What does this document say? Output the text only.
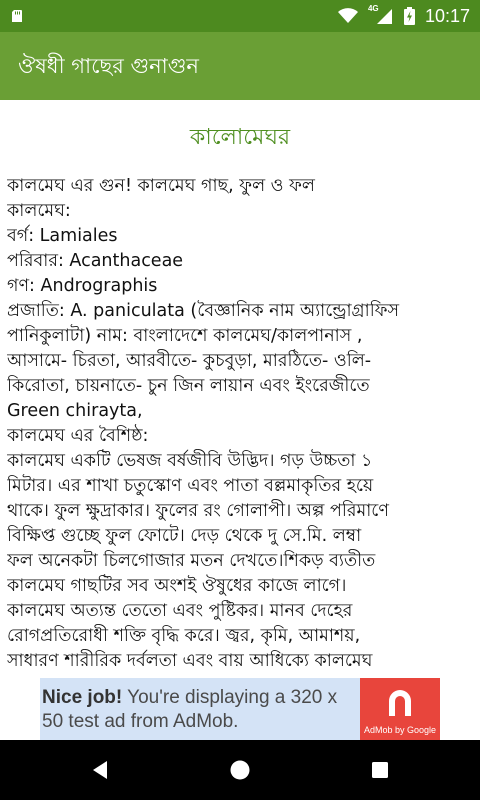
4G	10:17
ঔষধী গাছের গুনাগুন
কালোমেঘর
কালমেঘ এর গুন! কালমেঘ গাছ, ফুল ও ফল
কালমেঘ:
বর্গ: Lamiales
পরিবার: Acanthaceae
গণ: Andrographis
প্রজাতি: A. paniculata (বৈজ্ঞানিক নাম অ্যান্ড্রোগ্রাফিস
পানিকুলাটা) নাম: বাংলাদেশে কালমেঘ/কালপানাস ,
আসামে- চিরতা, আরবীতে- কুচবুড়া, মারঠিতে- ওলি-
কিরোতা, চায়নাতে- চুন জিন লায়ান এবং ইংরেজীতে
Green chirayta,
কালমেঘ এর বৈশিষ্ঠ:
কালমেঘ একটি ভেষজ বর্ষজীবি উদ্ভিদ। গড় উচ্চতা ১
মিটার। এর শাখা চতুস্কোণ এবং পাতা বল্লমাকৃতির হয়ে
থাকে। ফুল ক্ষুদ্রাকার। ফুলের রং গোলাপী। অল্প পরিমাণে
বিক্ষিপ্ত গুচ্ছে ফুল ফোটে। দেড় থেকে দু সে.মি. লম্বা
ফল অনেকটা চিলগোজার মতন দেখতে।শিকড় ব্যতীত
কালমেঘ গাছটির সব অংশই ঔষুধের কাজে লাগে।
কালমেঘ অত্যন্ত তেতো এবং পুষ্টিকর। মানব দেহের
রোগপ্রতিরোধী শক্তি বৃদ্ধি করে। জ্বর, কৃমি, আমাশয়,
সাধারণ শারীরিক দর্বলতা এবং বায় আধিক্যে কালমেঘ
Nice job! You're displaying a 320 x 50 test ad from AdMob.	AdMob by Google
